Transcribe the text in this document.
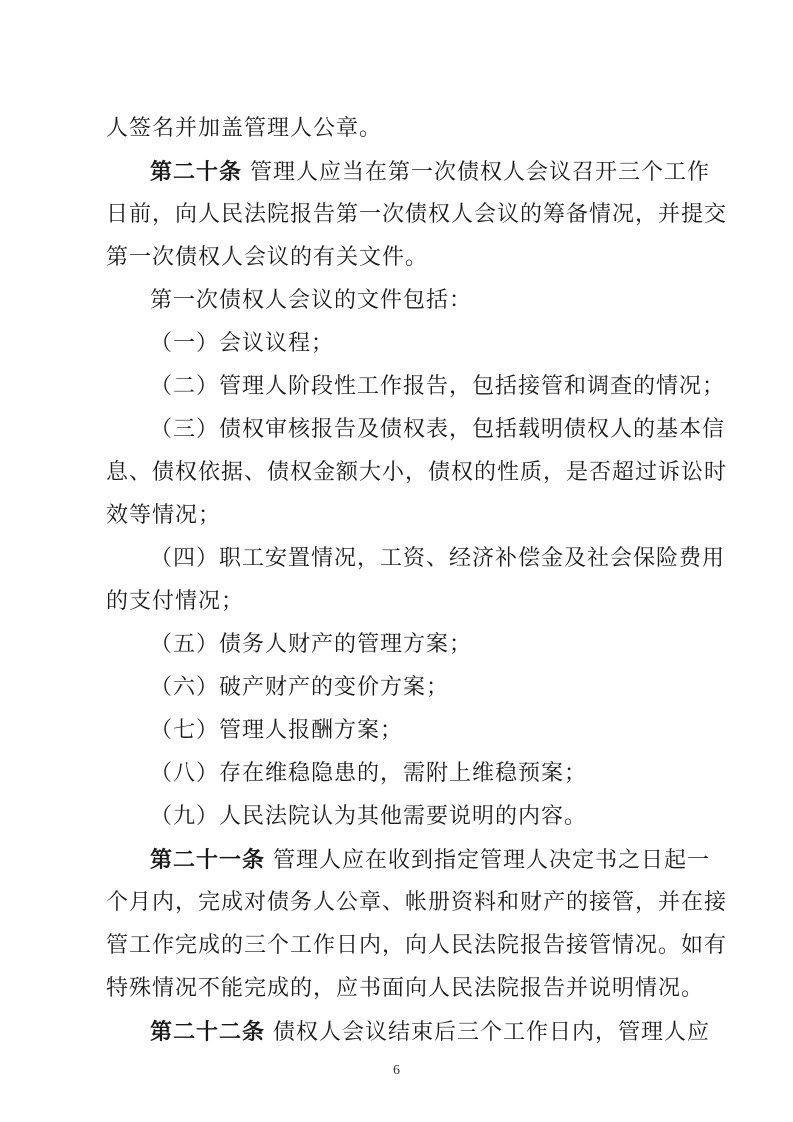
人签名并加盖管理人公章。
第二十条 管理人应当在第一次债权人会议召开三个工作
日前，向人民法院报告第一次债权人会议的筹备情况，并提交
第一次债权人会议的有关文件。
第一次债权人会议的文件包括：
（一）会议议程；
（二）管理人阶段性工作报告，包括接管和调查的情况；
（三）债权审核报告及债权表，包括载明债权人的基本信
息、债权依据、债权金额大小，债权的性质，是否超过诉讼时
效等情况；
（四）职工安置情况，工资、经济补偿金及社会保险费用
的支付情况；
（五）债务人财产的管理方案；
（六）破产财产的变价方案；
（七）管理人报酬方案；
（八）存在维稳隐患的，需附上维稳预案；
（九）人民法院认为其他需要说明的内容。
第二十一条 管理人应在收到指定管理人决定书之日起一
个月内，完成对债务人公章、帐册资料和财产的接管，并在接
管工作完成的三个工作日内，向人民法院报告接管情况。如有
特殊情况不能完成的，应书面向人民法院报告并说明情况。
第二十二条 债权人会议结束后三个工作日内，管理人应
6
